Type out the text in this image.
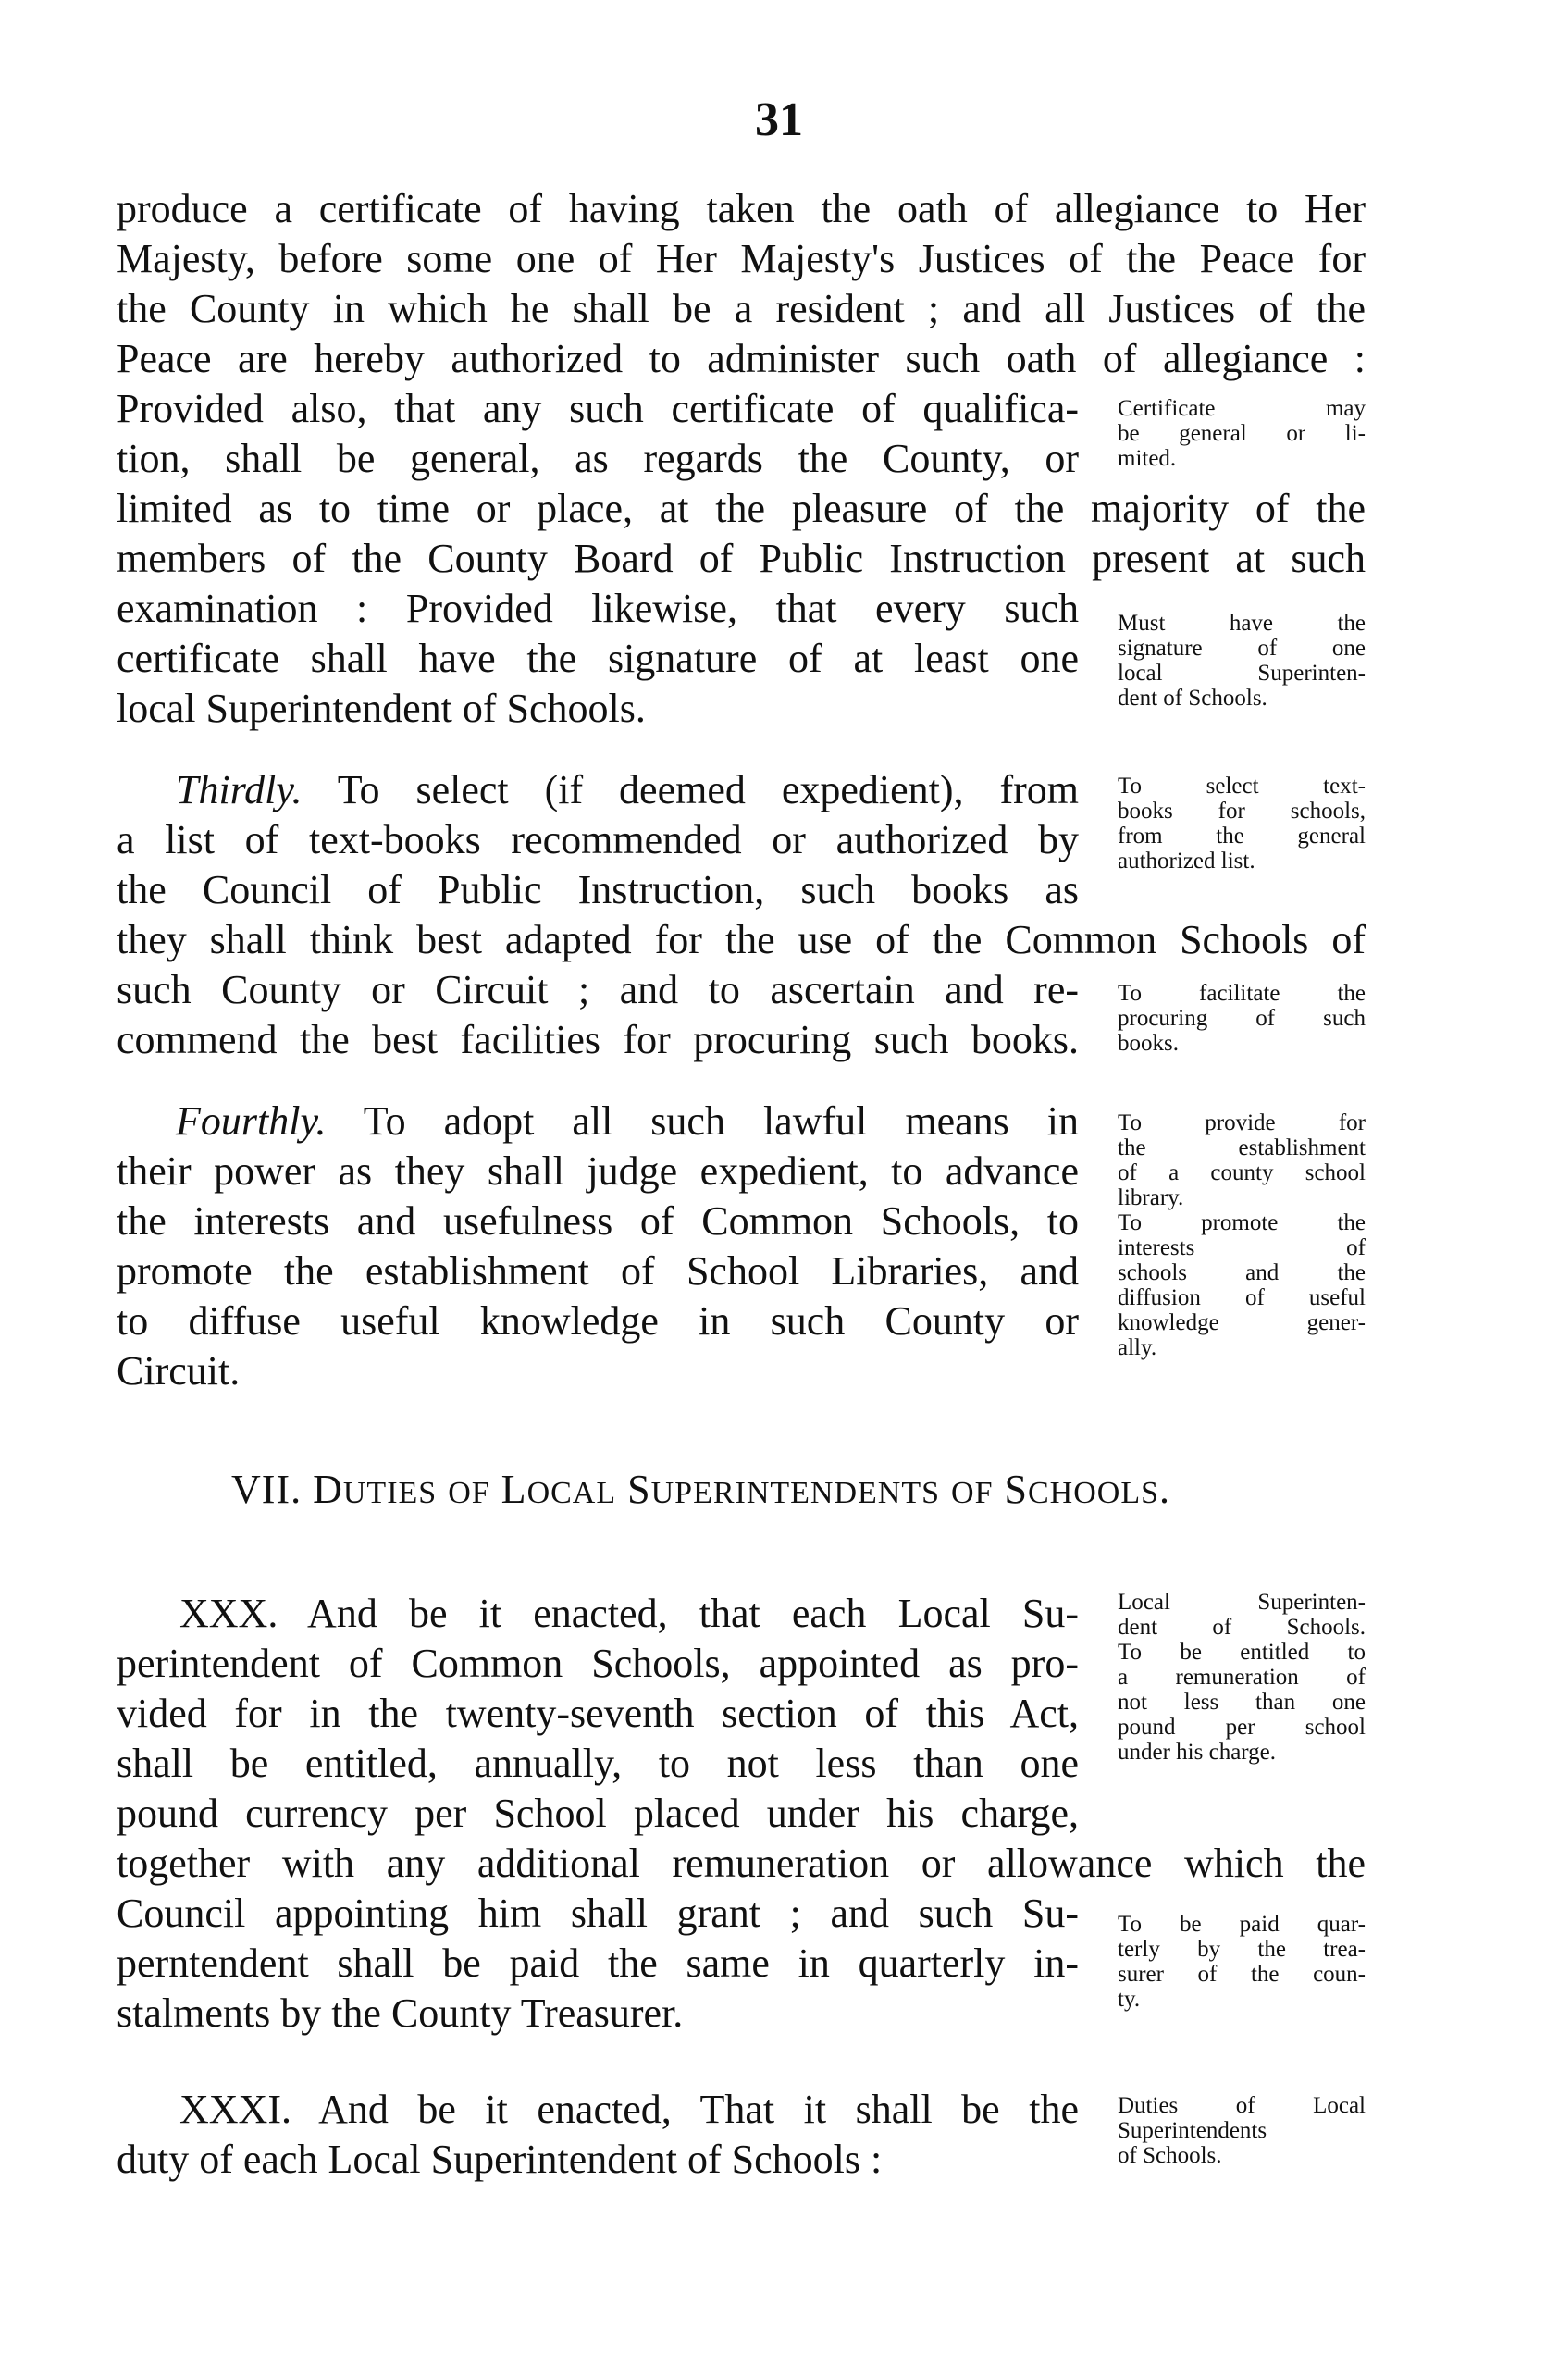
31
produce a certificate of having taken the oath of allegiance to Her
Majesty, before some one of Her Majesty's Justices of the Peace for
the County in which he shall be a resident ; and all Justices of the
Peace are hereby authorized to administer such oath of allegiance :
Provided also, that any such certificate of qualifica-
tion, shall be general, as regards the County, or
limited as to time or place, at the pleasure of the majority of the
members of the County Board of Public Instruction present at such
examination : Provided likewise, that every such
certificate shall have the signature of at least one
local Superintendent of Schools.
Thirdly. To select (if deemed expedient), from
a list of text-books recommended or authorized by
the Council of Public Instruction, such books as
they shall think best adapted for the use of the Common Schools of
such County or Circuit ; and to ascertain and re-
commend the best facilities for procuring such books.
Fourthly. To adopt all such lawful means in
their power as they shall judge expedient, to advance
the interests and usefulness of Common Schools, to
promote the establishment of School Libraries, and
to diffuse useful knowledge in such County or
Circuit.
VII. DUTIES OF LOCAL SUPERINTENDENTS OF SCHOOLS.
XXX. And be it enacted, that each Local Su-
perintendent of Common Schools, appointed as pro-
vided for in the twenty-seventh section of this Act,
shall be entitled, annually, to not less than one
pound currency per School placed under his charge,
together with any additional remuneration or allowance which the
Council appointing him shall grant ; and such Su-
perntendent shall be paid the same in quarterly in-
stalments by the County Treasurer.
XXXI. And be it enacted, That it shall be the
duty of each Local Superintendent of Schools :
Certificate may
be general or li-
mited.
Must have the
signature of one
local Superinten-
dent of Schools.
To select text-
books for schools,
from the general
authorized list.
To facilitate the
procuring of such
books.
To provide for
the establishment
of a county school
library.
To promote the
interests of
schools and the
diffusion of useful
knowledge gener-
ally.
Local Superinten-
dent of Schools.
To be entitled to
a remuneration of
not less than one
pound per school
under his charge.
To be paid quar-
terly by the trea-
surer of the coun-
ty.
Duties of Local
Superintendents
of Schools.
